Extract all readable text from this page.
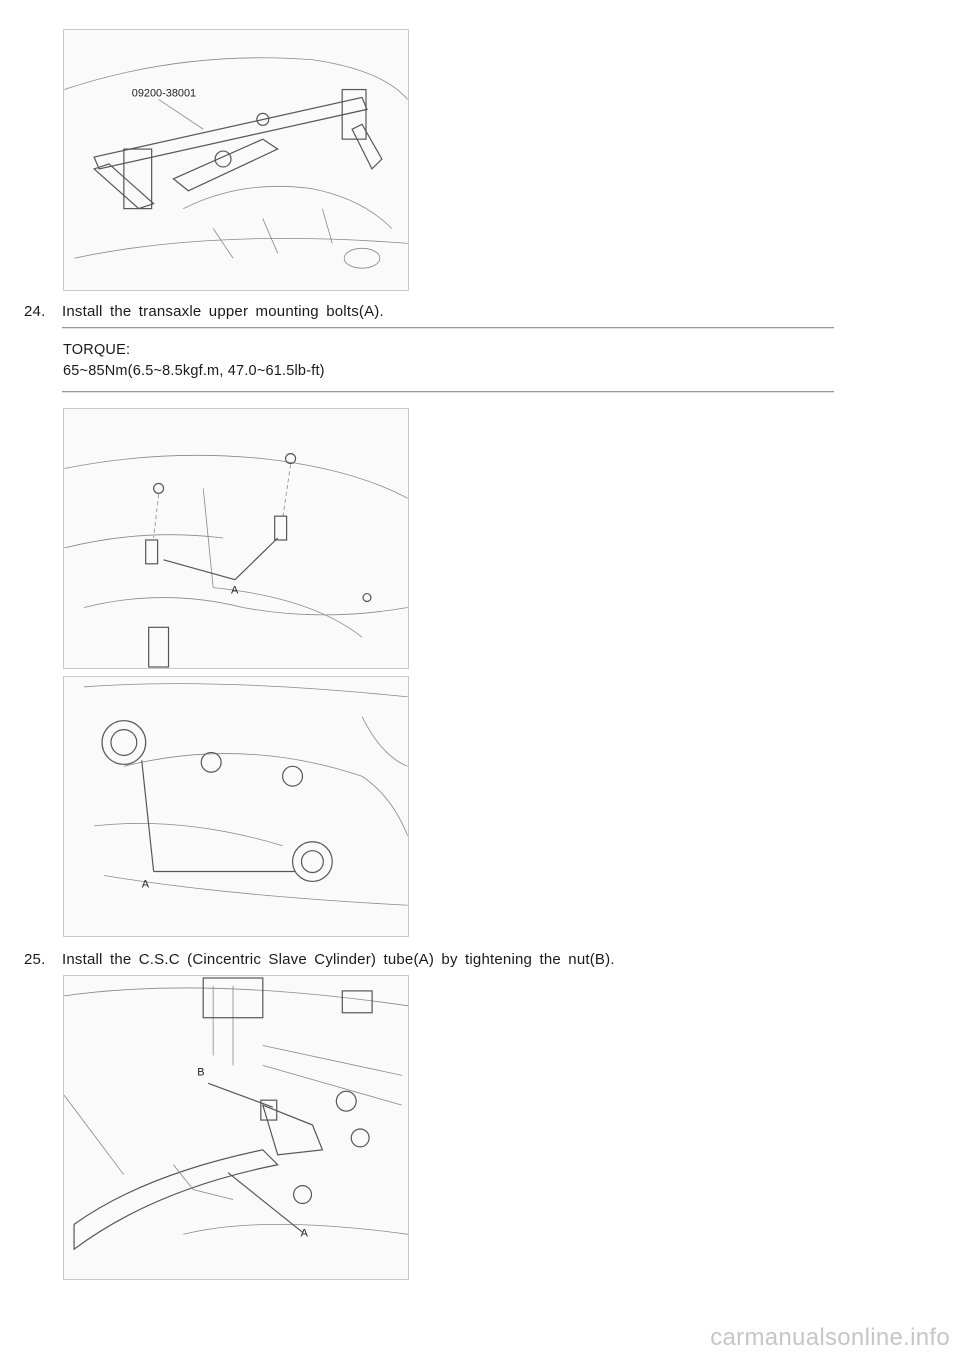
09200-38001
24. Install the transaxle upper mounting bolts(A).
TORQUE:
65~85Nm(6.5~8.5kgf.m, 47.0~61.5lb-ft)
A
A
25. Install the C.S.C (Cincentric Slave Cylinder) tube(A) by tightening the nut(B).
B
A
carmanualsonline.info
